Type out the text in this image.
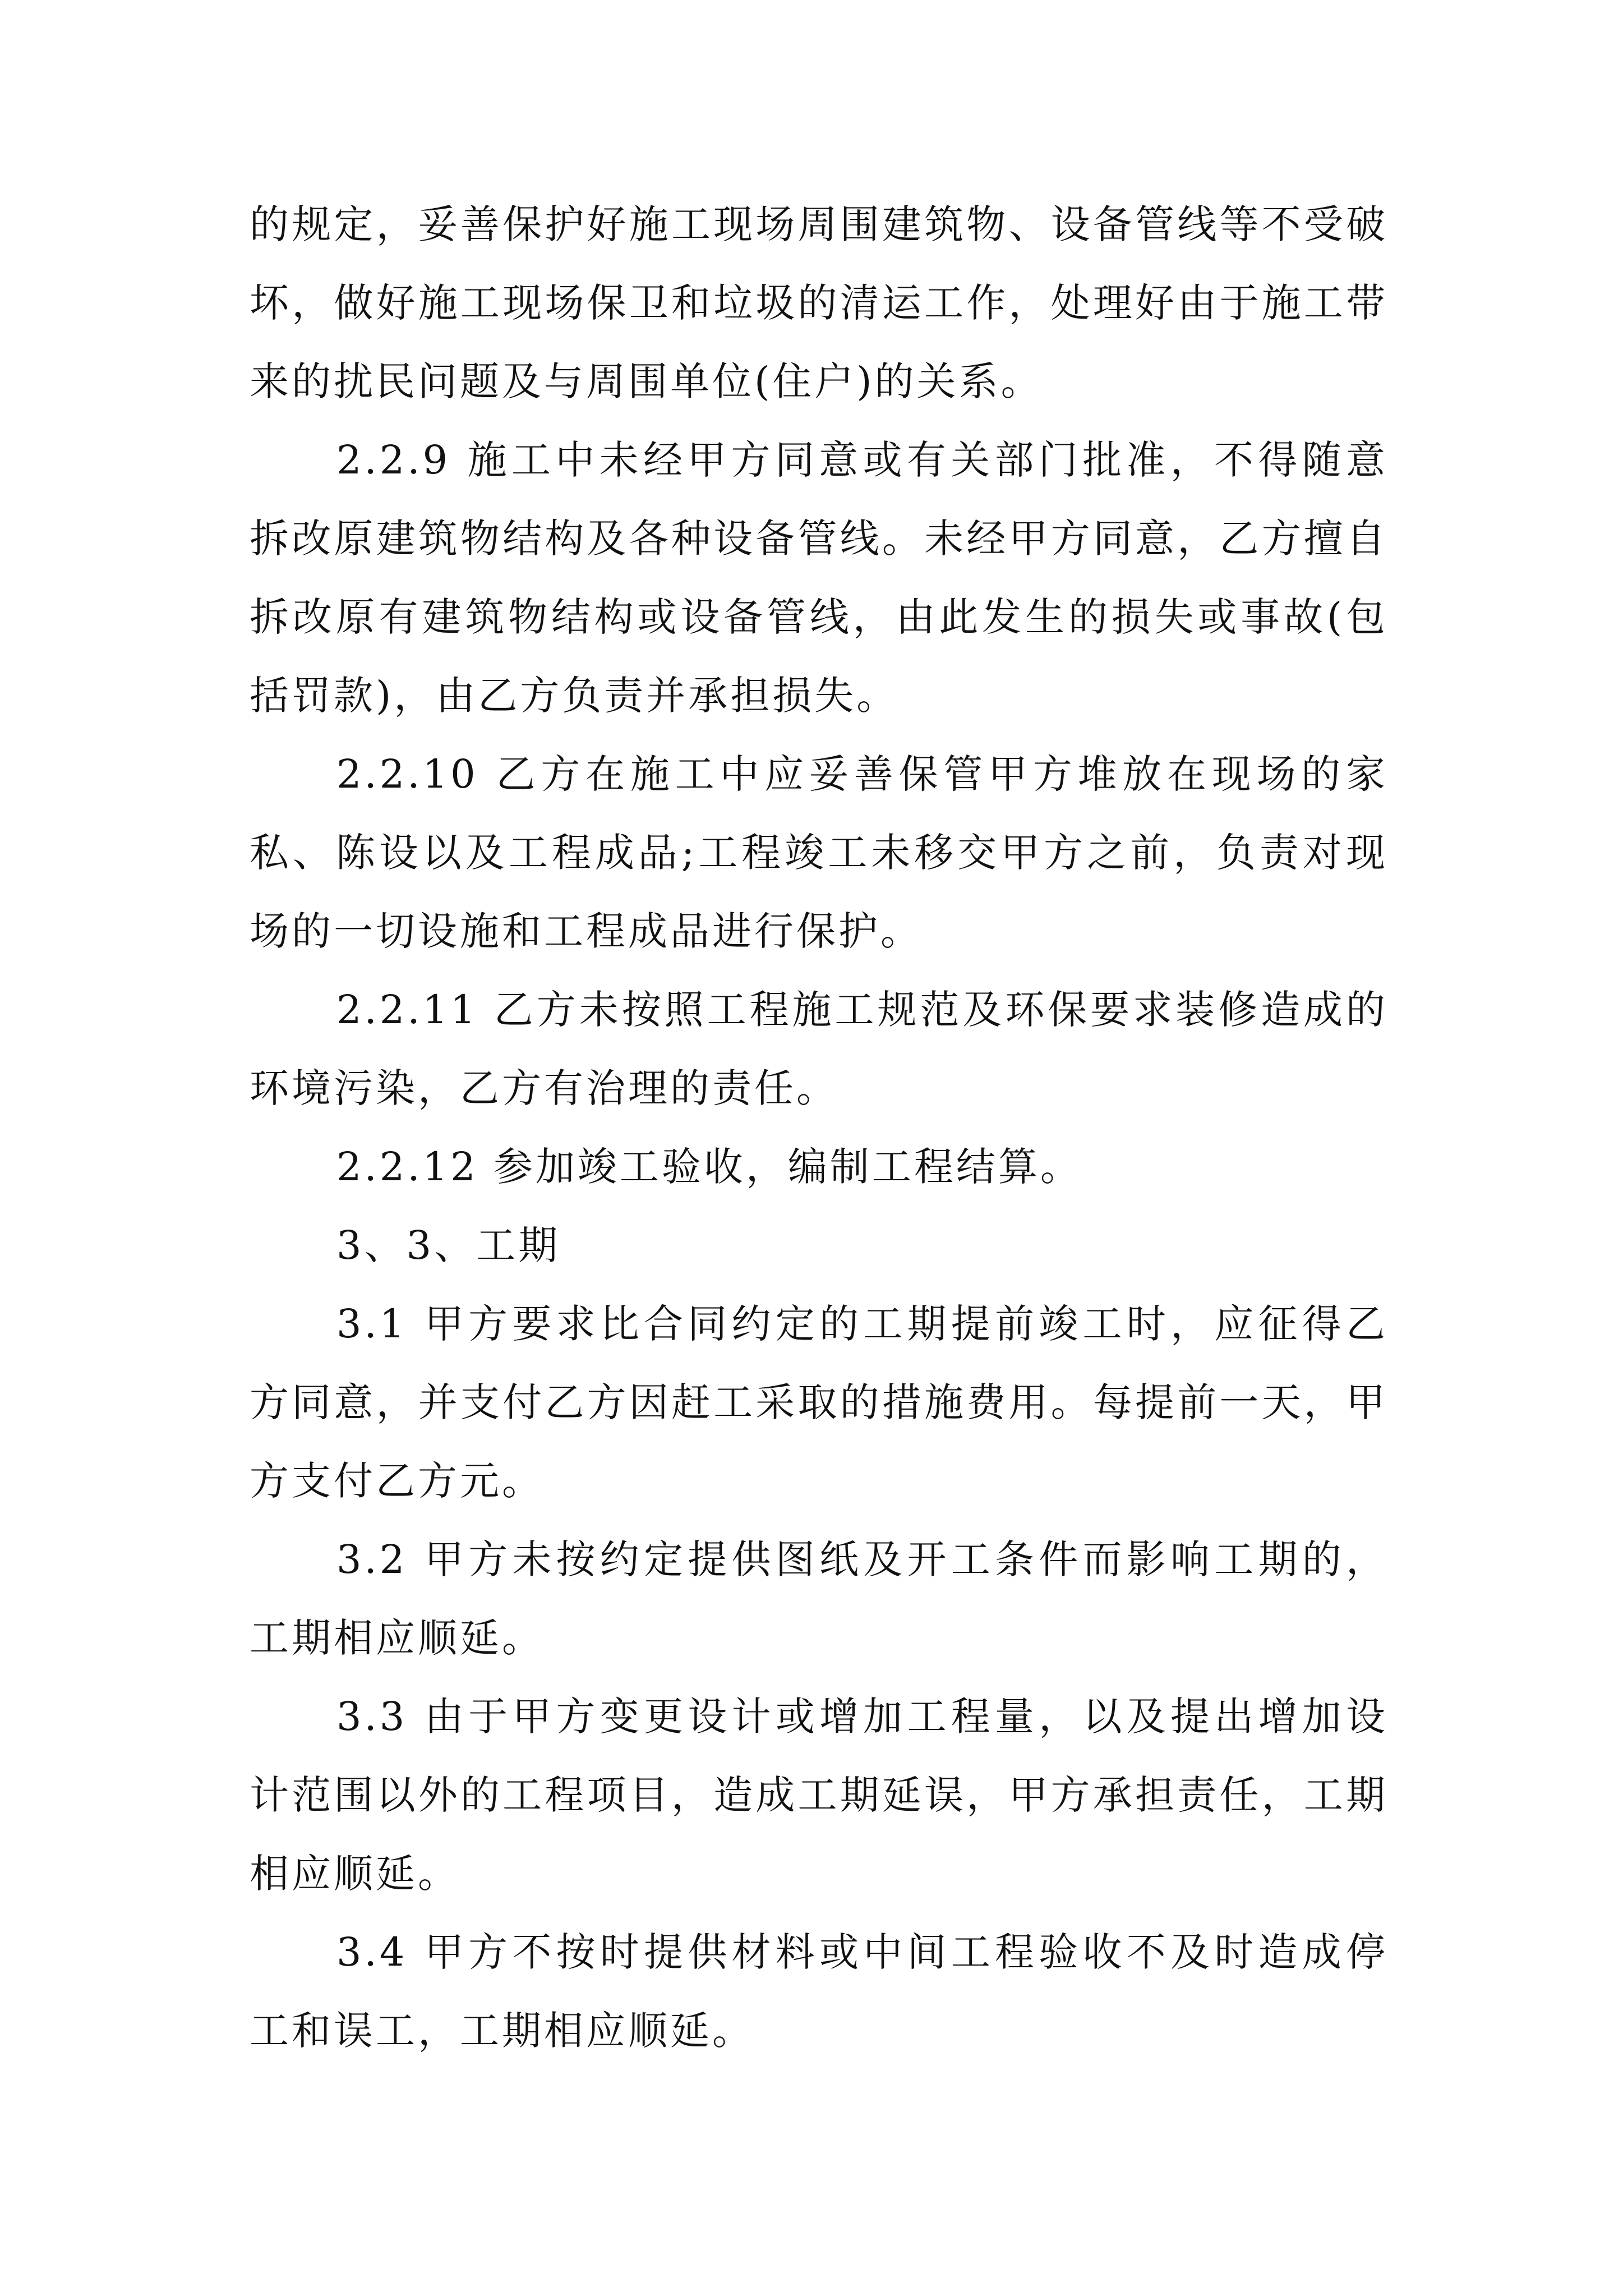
的规定，妥善保护好施工现场周围建筑物、设备管线等不受破坏，做好施工现场保卫和垃圾的清运工作，处理好由于施工带来的扰民问题及与周围单位(住户)的关系。

2.2.9 施工中未经甲方同意或有关部门批准，不得随意拆改原建筑物结构及各种设备管线。未经甲方同意，乙方擅自拆改原有建筑物结构或设备管线，由此发生的损失或事故(包括罚款)，由乙方负责并承担损失。

2.2.10 乙方在施工中应妥善保管甲方堆放在现场的家私、陈设以及工程成品;工程竣工未移交甲方之前，负责对现场的一切设施和工程成品进行保护。

2.2.11 乙方未按照工程施工规范及环保要求装修造成的环境污染，乙方有治理的责任。

2.2.12 参加竣工验收，编制工程结算。

3、3、工期

3.1 甲方要求比合同约定的工期提前竣工时，应征得乙方同意，并支付乙方因赶工采取的措施费用。每提前一天，甲方支付乙方元。

3.2 甲方未按约定提供图纸及开工条件而影响工期的，工期相应顺延。

3.3 由于甲方变更设计或增加工程量，以及提出增加设计范围以外的工程项目，造成工期延误，甲方承担责任，工期相应顺延。

3.4 甲方不按时提供材料或中间工程验收不及时造成停工和误工，工期相应顺延。
